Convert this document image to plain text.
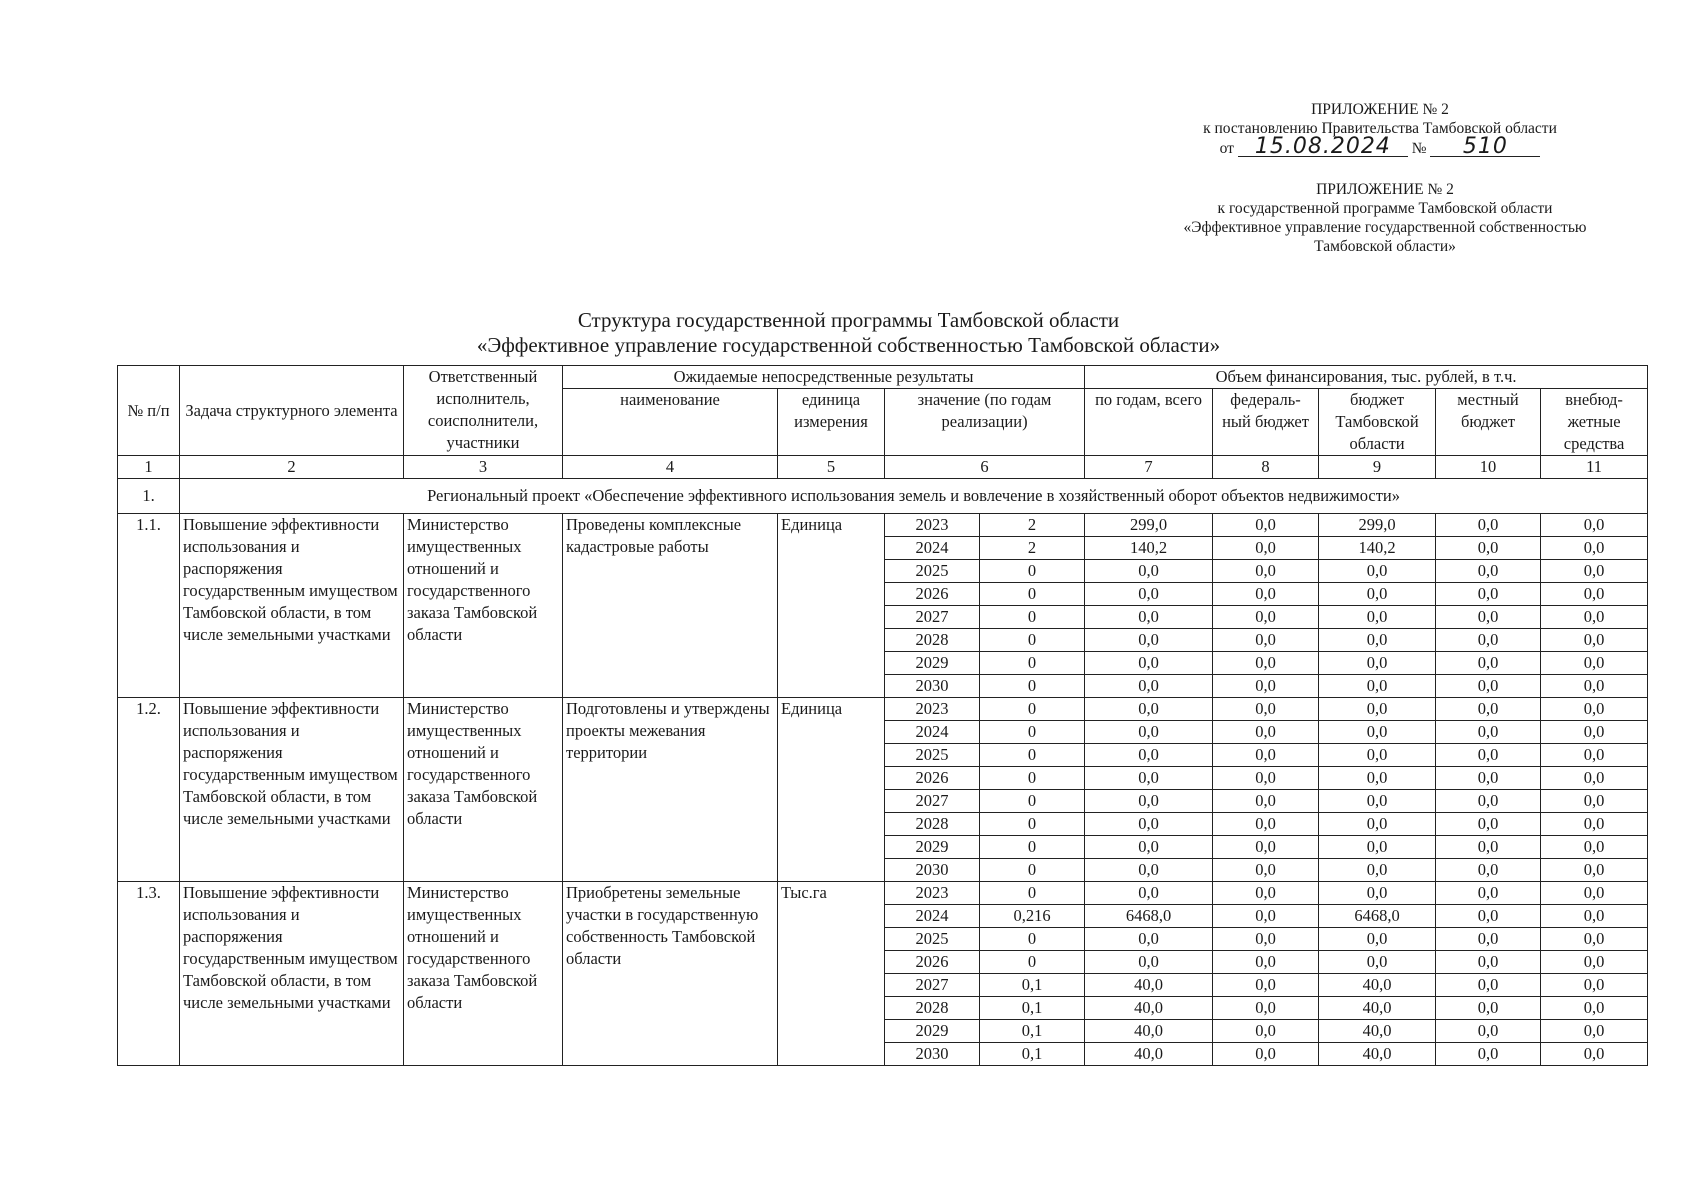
ПРИЛОЖЕНИЕ № 2
к постановлению Правительства Тамбовской области
от 15.08.2024 № 510
ПРИЛОЖЕНИЕ № 2
к государственной программе Тамбовской области
«Эффективное управление государственной собственностью
Тамбовской области»
Структура государственной программы Тамбовской области
«Эффективное управление государственной собственностью Тамбовской области»
№ п/п	Задача структурного элемента	Ответственный исполнитель, соисполнители, участники	Ожидаемые непосредственные результаты				Объем финансирования, тыс. рублей, в т.ч.				
			наименование	единица измерения	значение (по годам реализации)		по годам, всего	федераль-ный бюджет	бюджет Тамбовской области	местный бюджет	внебюд-жетные средства
1	2	3	4	5	6		7	8	9	10	11
1.	Региональный проект «Обеспечение эффективного использования земель и вовлечение в хозяйственный оборот объектов недвижимости»										
1.1.	Повышение эффективности использования и распоряжения государственным имуществом Тамбовской области, в том числе земельными участками	Министерство имущественных отношений и государственного заказа Тамбовской области	Проведены комплексные кадастровые работы	Единица	2023	2	299,0	0,0	299,0	0,0	0,0
					2024	2	140,2	0,0	140,2	0,0	0,0
					2025	0	0,0	0,0	0,0	0,0	0,0
					2026	0	0,0	0,0	0,0	0,0	0,0
					2027	0	0,0	0,0	0,0	0,0	0,0
					2028	0	0,0	0,0	0,0	0,0	0,0
					2029	0	0,0	0,0	0,0	0,0	0,0
					2030	0	0,0	0,0	0,0	0,0	0,0
1.2.	Повышение эффективности использования и распоряжения государственным имуществом Тамбовской области, в том числе земельными участками	Министерство имущественных отношений и государственного заказа Тамбовской области	Подготовлены и утверждены проекты межевания территории	Единица	2023	0	0,0	0,0	0,0	0,0	0,0
					2024	0	0,0	0,0	0,0	0,0	0,0
					2025	0	0,0	0,0	0,0	0,0	0,0
					2026	0	0,0	0,0	0,0	0,0	0,0
					2027	0	0,0	0,0	0,0	0,0	0,0
					2028	0	0,0	0,0	0,0	0,0	0,0
					2029	0	0,0	0,0	0,0	0,0	0,0
					2030	0	0,0	0,0	0,0	0,0	0,0
1.3.	Повышение эффективности использования и распоряжения государственным имуществом Тамбовской области, в том числе земельными участками	Министерство имущественных отношений и государственного заказа Тамбовской области	Приобретены земельные участки в государственную собственность Тамбовской области	Тыс.га	2023	0	0,0	0,0	0,0	0,0	0,0
					2024	0,216	6468,0	0,0	6468,0	0,0	0,0
					2025	0	0,0	0,0	0,0	0,0	0,0
					2026	0	0,0	0,0	0,0	0,0	0,0
					2027	0,1	40,0	0,0	40,0	0,0	0,0
					2028	0,1	40,0	0,0	40,0	0,0	0,0
					2029	0,1	40,0	0,0	40,0	0,0	0,0
					2030	0,1	40,0	0,0	40,0	0,0	0,0
